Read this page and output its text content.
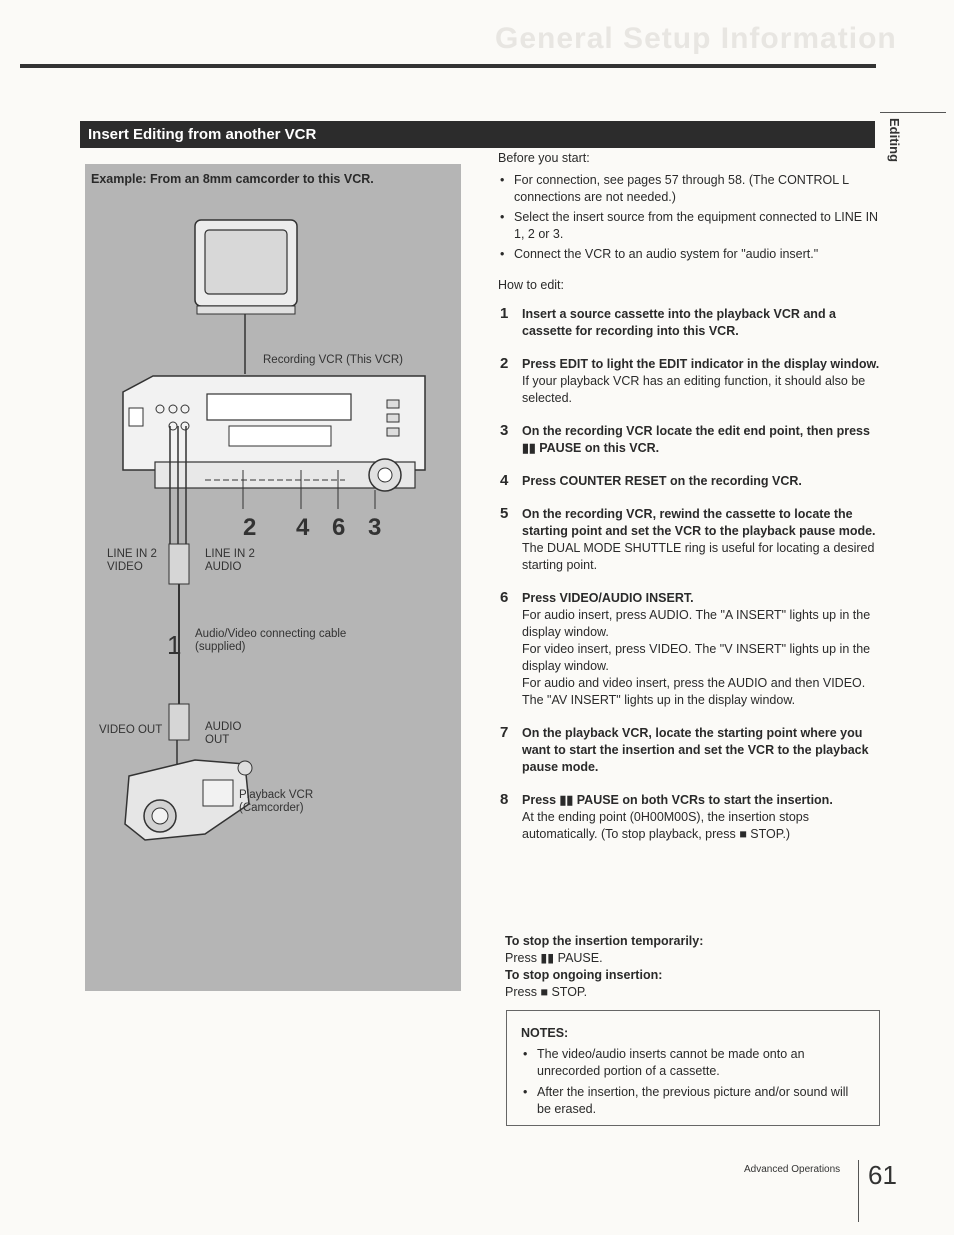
General Setup Information
Editing
Insert Editing from another VCR
Example: From an 8mm camcorder to this VCR.
Recording VCR (This VCR)
2 4 6 3
LINE IN 2
VIDEO
LINE IN 2
AUDIO
1 Audio/Video connecting cable
(supplied)
VIDEO OUT	AUDIO
OUT
Playback VCR
(Camcorder)

Before you start:

• For connection, see pages 57 through 58. (The CONTROL L connections are not needed.)
• Select the insert source from the equipment connected to LINE IN 1, 2 or 3.
• Connect the VCR to an audio system for "audio insert."

How to edit:

1 Insert a source cassette into the playback VCR and a cassette for recording into this VCR.
2 Press EDIT to light the EDIT indicator in the display window.
If your playback VCR has an editing function, it should also be selected.
3 On the recording VCR locate the edit end point, then press ▮▮ PAUSE on this VCR.
4 Press COUNTER RESET on the recording VCR.
5 On the recording VCR, rewind the cassette to locate the starting point and set the VCR to the playback pause mode.
The DUAL MODE SHUTTLE ring is useful for locating a desired starting point.
6 Press VIDEO/AUDIO INSERT.
For audio insert, press AUDIO. The "A INSERT" lights up in the display window.
For video insert, press VIDEO. The "V INSERT" lights up in the display window.
For audio and video insert, press the AUDIO and then VIDEO. The "AV INSERT" lights up in the display window.
7 On the playback VCR, locate the starting point where you want to start the insertion and set the VCR to the playback pause mode.
8 Press ▮▮ PAUSE on both VCRs to start the insertion.
At the ending point (0H00M00S), the insertion stops automatically. (To stop playback, press ■ STOP.)
To stop the insertion temporarily:
Press ▮▮ PAUSE.
To stop ongoing insertion:
Press ■ STOP.
NOTES:
• The video/audio inserts cannot be made onto an unrecorded portion of a cassette.
• After the insertion, the previous picture and/or sound will be erased.
Advanced Operations 61
